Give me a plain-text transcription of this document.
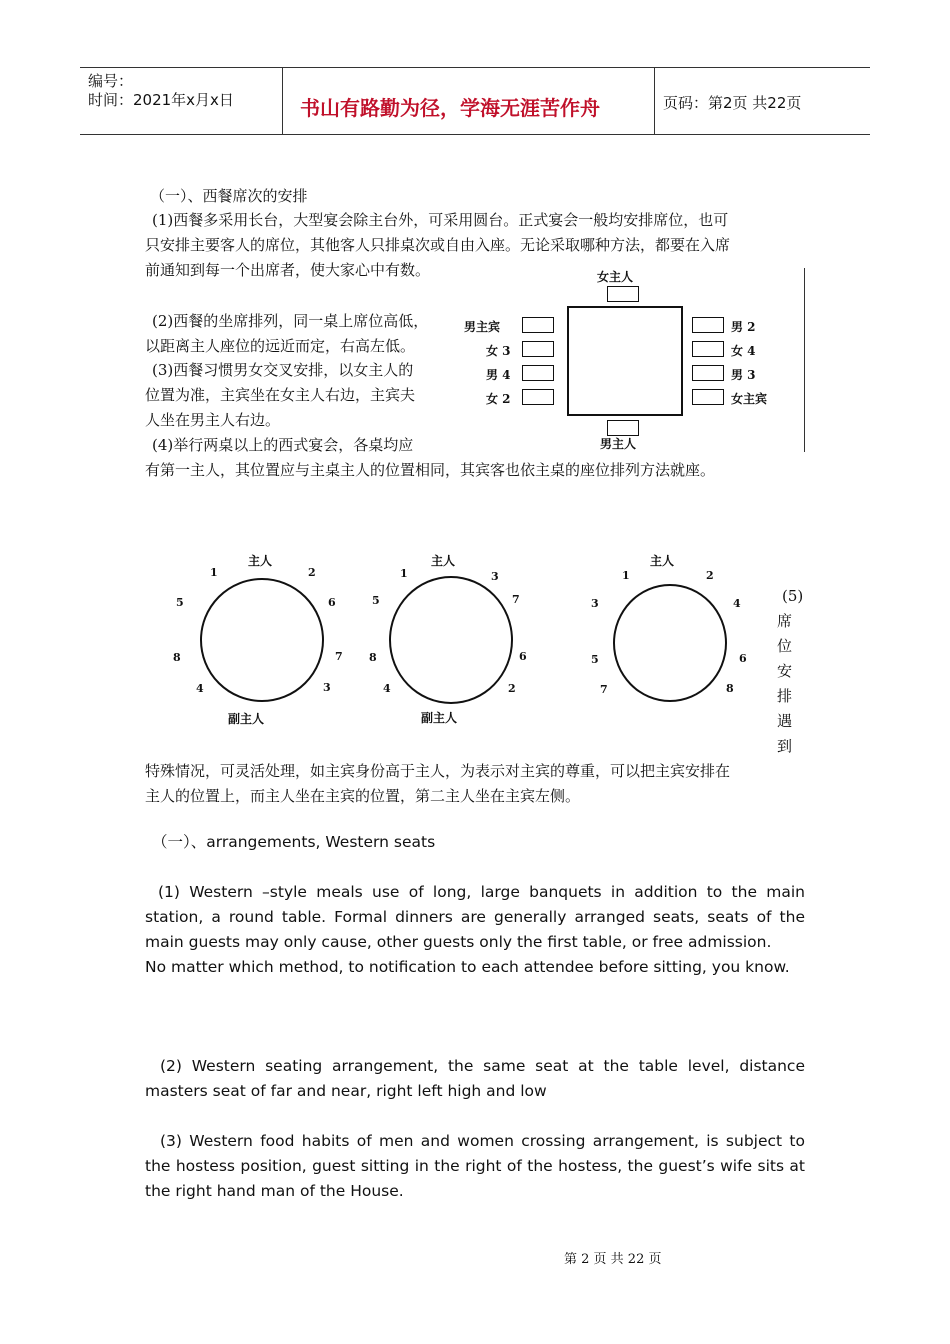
编号：
时间：2021年x月x日	书山有路勤为径，学海无涯苦作舟	页码：第2页 共22页
（一）、西餐席次的安排
(1)西餐多采用长台，大型宴会除主台外，可采用圆台。正式宴会一般均安排席位，也可
只安排主要客人的席位，其他客人只排桌次或自由入座。无论采取哪种方法，都要在入席
前通知到每一个出席者，使大家心中有数。
(2)西餐的坐席排列，同一桌上席位高低，
以距离主人座位的远近而定，右高左低。
(3)西餐习惯男女交叉安排，以女主人的
位置为准，主宾坐在女主人右边，主宾夫
人坐在男主人右边。
(4)举行两桌以上的西式宴会，各桌均应
有第一主人，其位置应与主桌主人的位置相同，其宾客也依主桌的座位排列方法就座。
女主人
男主人
男主宾
女 3
男 4
女 2
男 2
女 4
男 3
女主宾
主人
副主人
1	2
5	6
8	7
4	3
主人
副主人
1	3
5	7
8	6
4	2
主人
1	2
3	4
5	6
7	8
(5)
席
位
安
排
遇
到
特殊情况，可灵活处理，如主宾身份高于主人，为表示对主宾的尊重，可以把主宾安排在
主人的位置上，而主人坐在主宾的位置，第二主人坐在主宾左侧。
（一）、arrangements, Western seats

(1) Western –style meals use of long, large banquets in addition to the main station, a round table. Formal dinners are generally arranged seats, seats of the main guests may only cause, other guests only the first table, or free admission.

No matter which method, to notification to each attendee before sitting, you know.

(2) Western seating arrangement, the same seat at the table level, distance masters seat of far and near, right left high and low

(3) Western food habits of men and women crossing arrangement, is subject to the hostess position, guest sitting in the right of the hostess, the guest’s wife sits at the right hand man of the House.

第 2 页 共 22 页
